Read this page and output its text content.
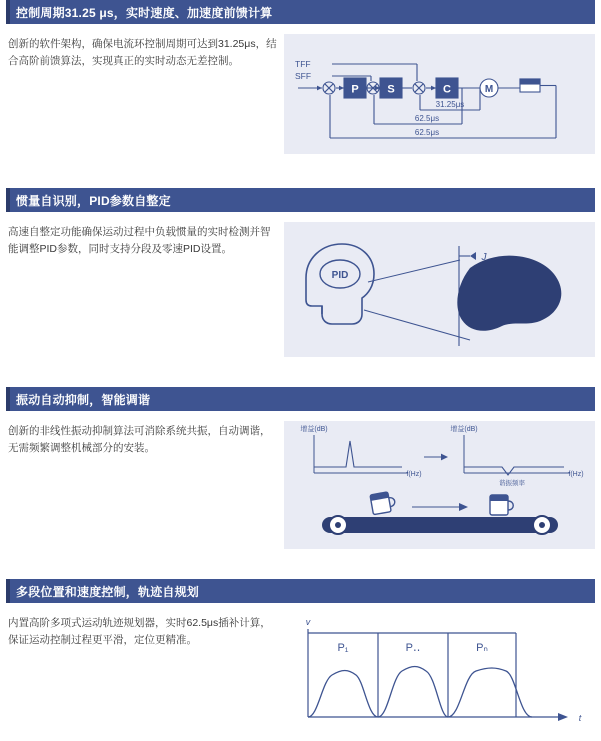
控制周期31.25 μs，实时速度、加速度前馈计算

创新的软件架构，确保电流环控制周期可达到31.25μs，结合高阶前馈算法，实现真正的实时动态无差控制。	TFF
SFF
P	S	C	M
31.25μs
62.5μs
62.5μs
惯量自识别，PID参数自整定

高速自整定功能确保运动过程中负载惯量的实时检测并智能调整PID参数，同时支持分段及零速PID设置。

PID
J
振动自动抑制，智能调谐

创新的非线性振动抑制算法可消除系统共振，自动调谐，无需频繁调整机械部分的安装。

增益(dB)
f(Hz)
增益(dB)
f(Hz)
谐振频率
多段位置和速度控制，轨迹自规划

内置高阶多项式运动轨迹规划器，实时62.5μs插补计算，保证运动控制过程更平滑，定位更精准。

v
t
P₁	P‥	Pₙ
